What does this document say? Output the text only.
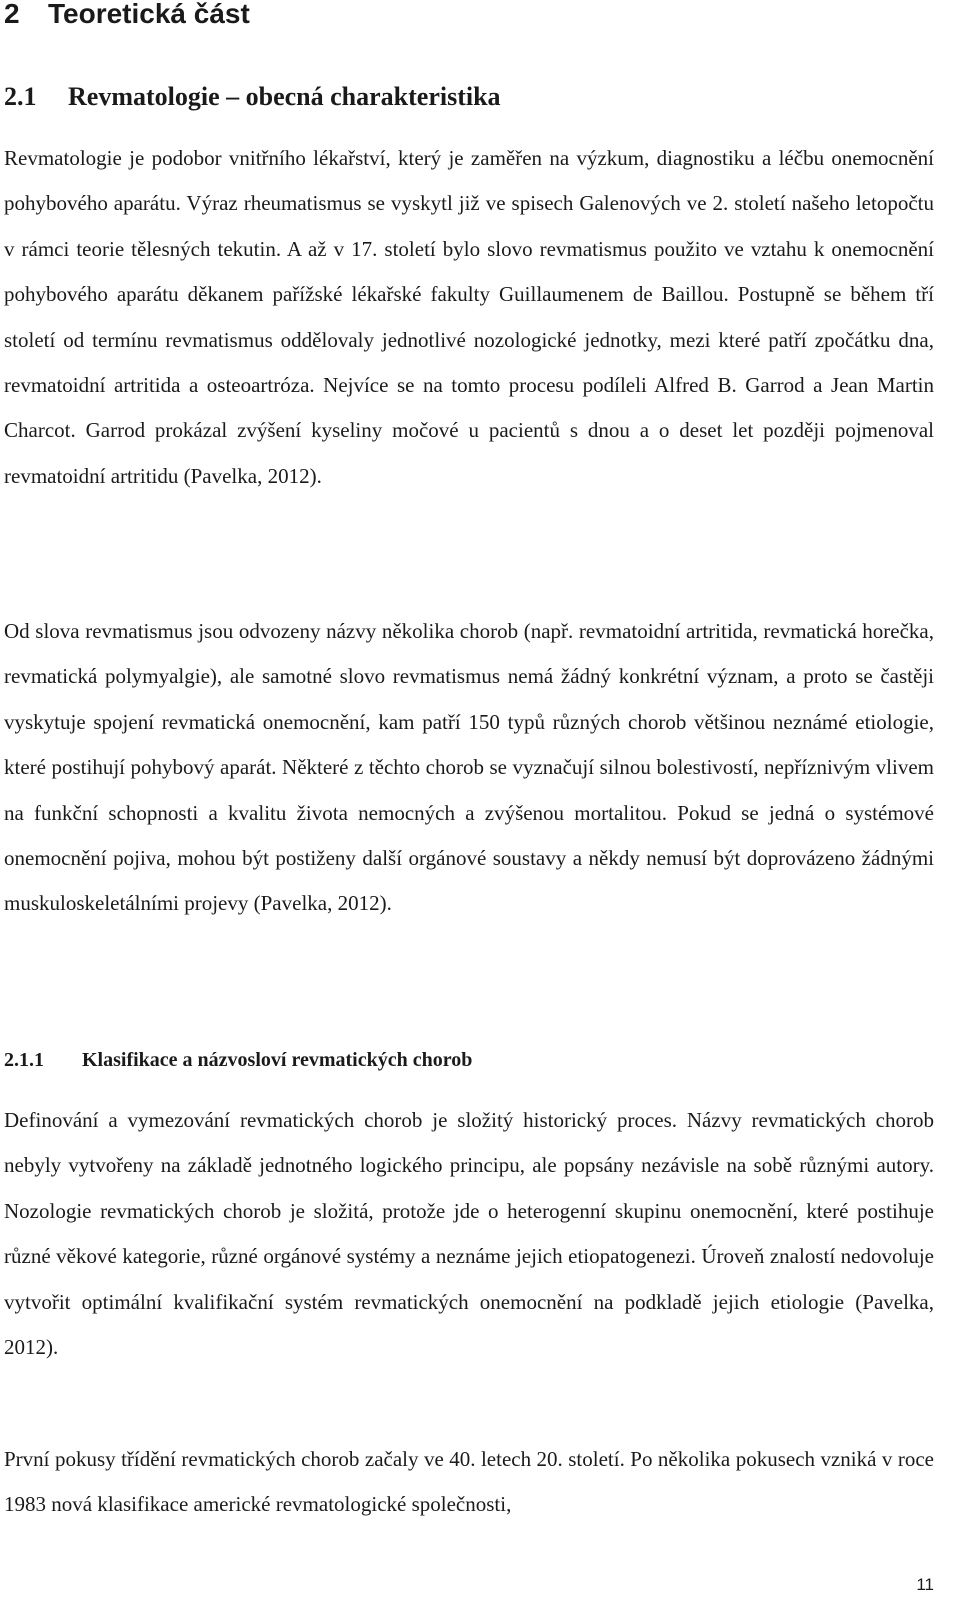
2 Teoretická část
2.1 Revmatologie – obecná charakteristika

Revmatologie je podobor vnitřního lékařství, který je zaměřen na výzkum, diagnostiku a léčbu onemocnění pohybového aparátu. Výraz rheumatismus se vyskytl již ve spisech Galenových ve 2. století našeho letopočtu v rámci teorie tělesných tekutin. A až v 17. století bylo slovo revmatismus použito ve vztahu k onemocnění pohybového aparátu děkanem pařížské lékařské fakulty Guillaumenem de Baillou. Postupně se během tří století od termínu revmatismus oddělovaly jednotlivé nozologické jednotky, mezi které patří zpočátku dna, revmatoidní artritida a osteoartróza. Nejvíce se na tomto procesu podíleli Alfred B. Garrod a Jean Martin Charcot. Garrod prokázal zvýšení kyseliny močové u pacientů s dnou a o deset let později pojmenoval revmatoidní artritidu (Pavelka, 2012).

Od slova revmatismus jsou odvozeny názvy několika chorob (např. revmatoidní artritida, revmatická horečka, revmatická polymyalgie), ale samotné slovo revmatismus nemá žádný konkrétní význam, a proto se častěji vyskytuje spojení revmatická onemocnění, kam patří 150 typů různých chorob většinou neznámé etiologie, které postihují pohybový aparát. Některé z těchto chorob se vyznačují silnou bolestivostí, nepříznivým vlivem na funkční schopnosti a kvalitu života nemocných a zvýšenou mortalitou. Pokud se jedná o systémové onemocnění pojiva, mohou být postiženy další orgánové soustavy a někdy nemusí být doprovázeno žádnými muskuloskeletálními projevy (Pavelka, 2012).

2.1.1 Klasifikace a názvosloví revmatických chorob

Definování a vymezování revmatických chorob je složitý historický proces. Názvy revmatických chorob nebyly vytvořeny na základě jednotného logického principu, ale popsány nezávisle na sobě různými autory. Nozologie revmatických chorob je složitá, protože jde o heterogenní skupinu onemocnění, které postihuje různé věkové kategorie, různé orgánové systémy a neznáme jejich etiopatogenezi. Úroveň znalostí nedovoluje vytvořit optimální kvalifikační systém revmatických onemocnění na podkladě jejich etiologie (Pavelka, 2012).

První pokusy třídění revmatických chorob začaly ve 40. letech 20. století. Po několika pokusech vzniká v roce 1983 nová klasifikace americké revmatologické společnosti,

11
